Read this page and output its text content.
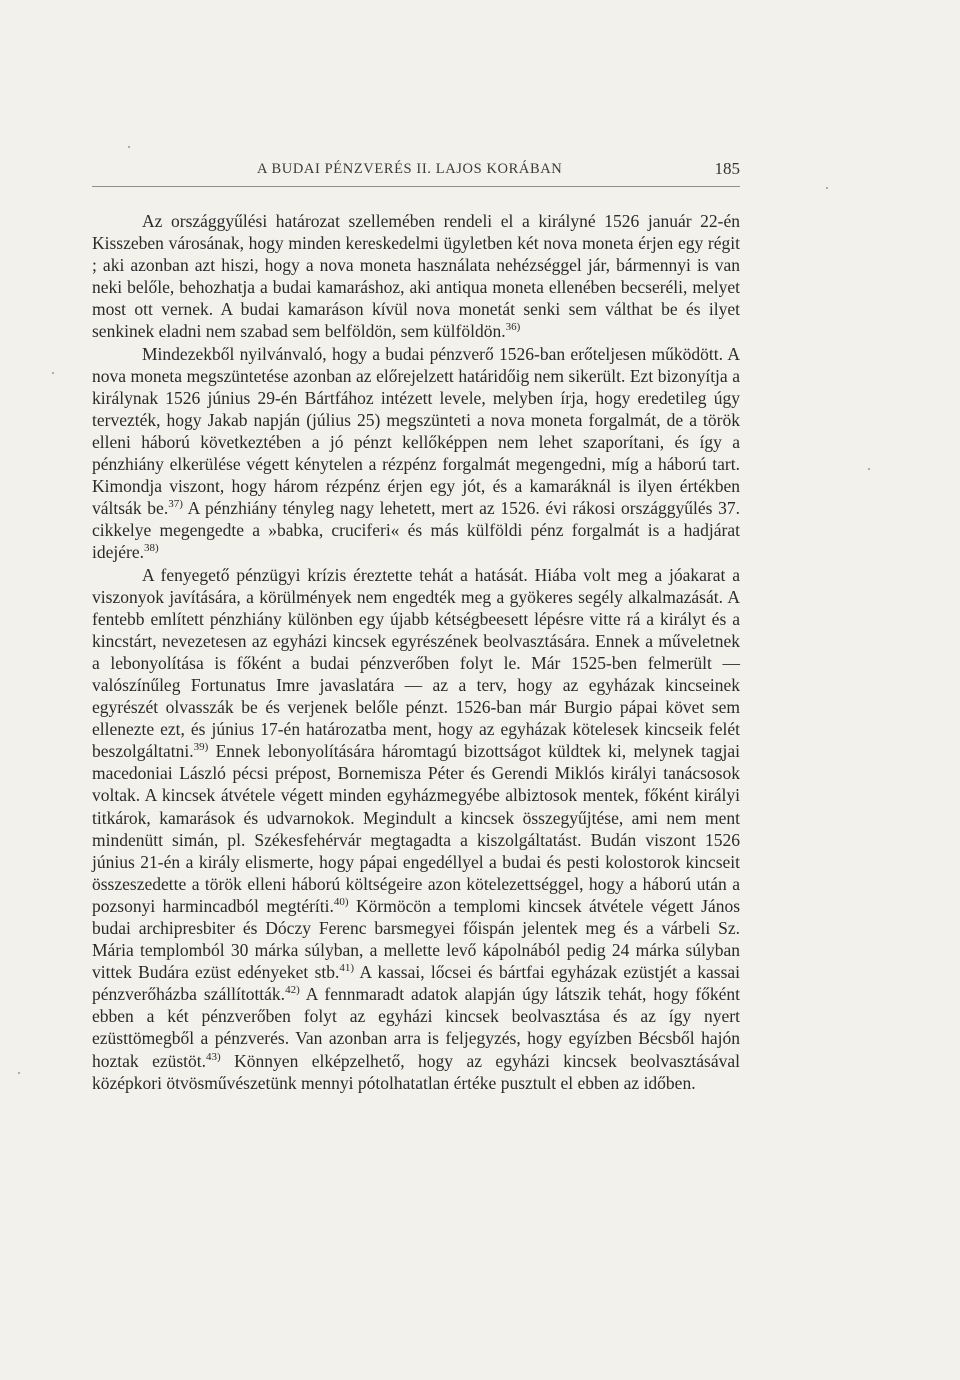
A BUDAI PÉNZVERÉS II. LAJOS KORÁBAN	185

Az országgyűlési határozat szellemében rendeli el a királyné 1526 január 22-én Kisszeben városának, hogy minden kereskedelmi ügyletben két nova moneta érjen egy régit ; aki azonban azt hiszi, hogy a nova moneta használata nehézséggel jár, bármennyi is van neki belőle, behozhatja a budai kamaráshoz, aki antiqua moneta ellenében becseréli, melyet most ott vernek. A budai kamaráson kívül nova monetát senki sem válthat be és ilyet senkinek eladni nem szabad sem belföldön, sem külföldön.$^{36)}$

Mindezekből nyilvánvaló, hogy a budai pénzverő 1526-ban erőteljesen működött. A nova moneta megszüntetése azonban az előrejelzett határidőig nem sikerült. Ezt bizonyítja a királynak 1526 június 29-én Bártfához intézett levele, melyben írja, hogy eredetileg úgy tervezték, hogy Jakab napján (július 25) megszünteti a nova moneta forgalmát, de a török elleni háború következtében a jó pénzt kellőképpen nem lehet szaporítani, és így a pénzhiány elkerülése végett kénytelen a rézpénz forgalmát megengedni, míg a háború tart. Kimondja viszont, hogy három rézpénz érjen egy jót, és a kamaráknál is ilyen értékben váltsák be.$^{37)}$ A pénzhiány tényleg nagy lehetett, mert az 1526. évi rákosi országgyűlés 37. cikkelye megengedte a »babka, cruciferi« és más külföldi pénz forgalmát is a hadjárat idejére.$^{38)}$

A fenyegető pénzügyi krízis éreztette tehát a hatását. Hiába volt meg a jóakarat a viszonyok javítására, a körülmények nem engedték meg a gyökeres segély alkalmazását. A fentebb említett pénzhiány különben egy újabb kétségbeesett lépésre vitte rá a királyt és a kincstárt, nevezetesen az egyházi kincsek egyrészének beolvasztására. Ennek a műveletnek a lebonyolítása is főként a budai pénzverőben folyt le. Már 1525-ben felmerült — valószínűleg Fortunatus Imre javaslatára — az a terv, hogy az egyházak kincseinek egyrészét olvasszák be és verjenek belőle pénzt. 1526-ban már Burgio pápai követ sem ellenezte ezt, és június 17-én határozatba ment, hogy az egyházak kötelesek kincseik felét beszolgáltatni.$^{39)}$ Ennek lebonyolítására háromtagú bizottságot küldtek ki, melynek tagjai macedoniai László pécsi prépost, Bornemisza Péter és Gerendi Miklós királyi tanácsosok voltak. A kincsek átvétele végett minden egyházmegyébe albiztosok mentek, főként királyi titkárok, kamarások és udvarnokok. Megindult a kincsek összegyűjtése, ami nem ment mindenütt simán, pl. Székesfehérvár megtagadta a kiszolgáltatást. Budán viszont 1526 június 21-én a király elismerte, hogy pápai engedéllyel a budai és pesti kolostorok kincseit összeszedette a török elleni háború költségeire azon kötelezettséggel, hogy a háború után a pozsonyi harmincadból megtéríti.$^{40)}$ Körmöcön a templomi kincsek átvétele végett János budai archipresbiter és Dóczy Ferenc barsmegyei főispán jelentek meg és a várbeli Sz. Mária templomból 30 márka súlyban, a mellette levő kápolnából pedig 24 márka súlyban vittek Budára ezüst edényeket stb.$^{41)}$ A kassai, lőcsei és bártfai egyházak ezüstjét a kassai pénzverőházba szállították.$^{42)}$ A fennmaradt adatok alapján úgy látszik tehát, hogy főként ebben a két pénzverőben folyt az egyházi kincsek beolvasztása és az így nyert ezüsttömegből a pénzverés. Van azonban arra is feljegyzés, hogy egyízben Bécsből hajón hoztak ezüstöt.$^{43)}$ Könnyen elképzelhető, hogy az egyházi kincsek beolvasztásával középkori ötvösművészetünk mennyi pótolhatatlan értéke pusztult el ebben az időben.
